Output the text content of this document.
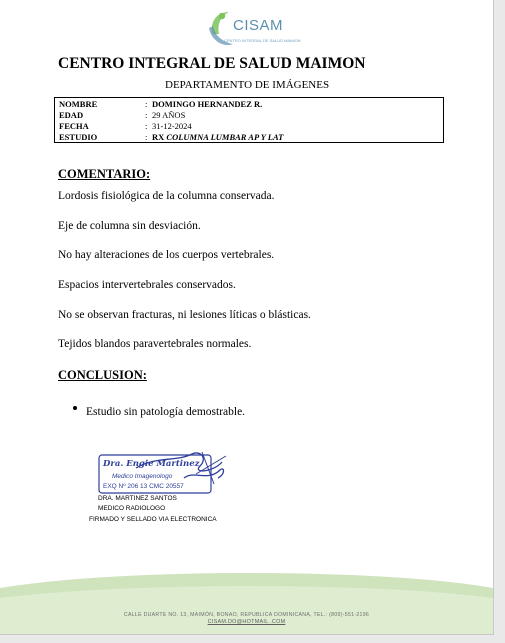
CISAM
CENTRO INTEGRAL DE SALUD MAIMON
CENTRO INTEGRAL DE SALUD MAIMON
DEPARTAMENTO DE IMÁGENES
NOMBRE	: DOMINGO HERNANDEZ R.
EDAD	: 29 AÑOS
FECHA	: 31-12-2024
ESTUDIO	: RX COLUMNA LUMBAR AP Y LAT
COMENTARIO:
Lordosis fisiológica de la columna conservada.
Eje de columna sin desviación.
No hay alteraciones de los cuerpos vertebrales.
Espacios intervertebrales conservados.
No se observan fracturas, ni lesiones líticas o blásticas.
Tejidos blandos paravertebrales normales.
CONCLUSION:
Estudio sin patología demostrable.
Dra. Engie Martinez
Medico Imagenologo
EXQ Nº 206 13 CMC 20557
DRA. MARTINEZ SANTOS
MEDICO RADIOLOGO
FIRMADO Y SELLADO VIA ELECTRONICA
CALLE DUARTE NO. 13, MAIMÓN, BONAO, REPUBLICA DOMINICANA, TEL.: (809)-551-2196
CISAM.DO@HOTMAIL .COM
